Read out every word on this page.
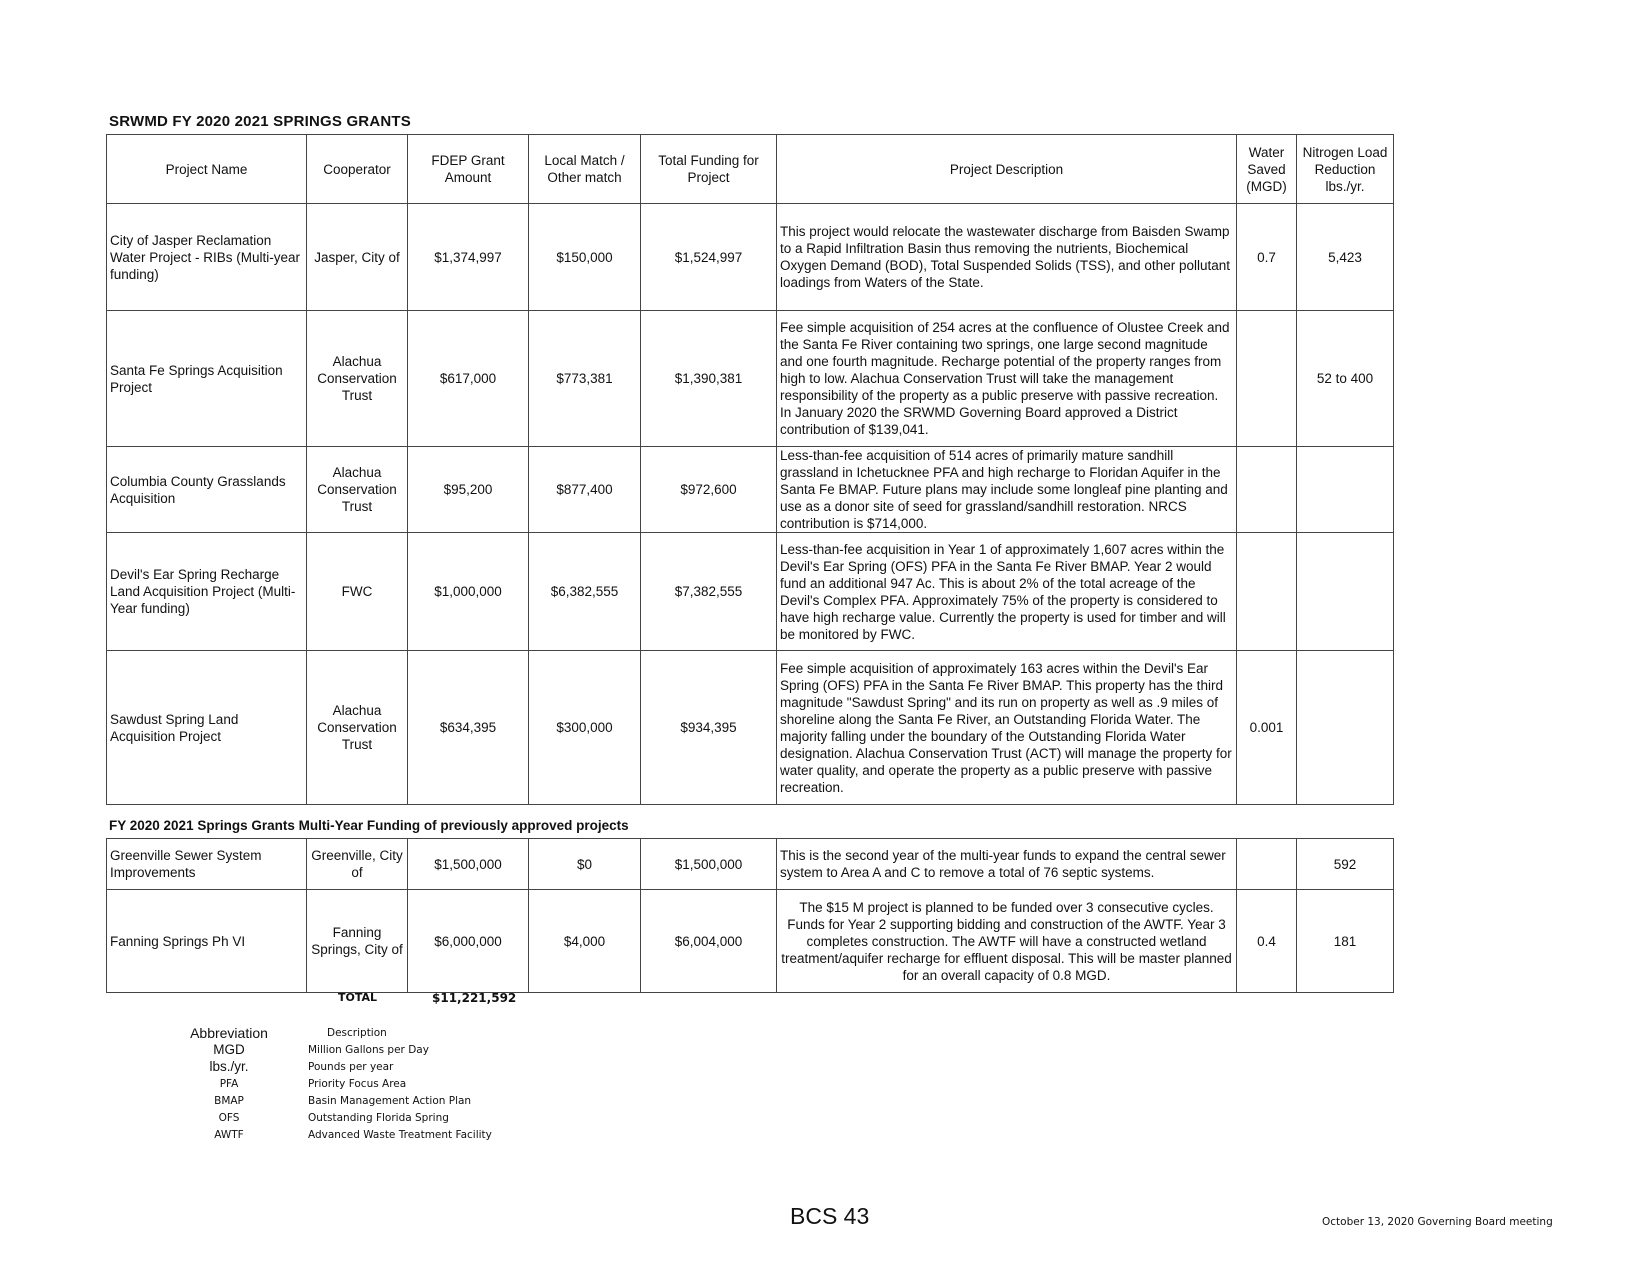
SRWMD FY 2020 2021 SPRINGS GRANTS
Project Name	Cooperator	FDEP Grant Amount	Local Match / Other match	Total Funding for Project	Project Description	Water Saved (MGD)	Nitrogen Load Reduction lbs./yr.
City of Jasper Reclamation Water Project - RIBs (Multi-year funding)	Jasper, City of	$1,374,997	$150,000	$1,524,997	This project would relocate the wastewater discharge from Baisden Swamp to a Rapid Infiltration Basin thus removing the nutrients, Biochemical Oxygen Demand (BOD), Total Suspended Solids (TSS), and other pollutant loadings from Waters of the State.	0.7	5,423
Santa Fe Springs Acquisition Project	Alachua Conservation Trust	$617,000	$773,381	$1,390,381	Fee simple acquisition of 254 acres at the confluence of Olustee Creek and the Santa Fe River containing two springs, one large second magnitude and one fourth magnitude. Recharge potential of the property ranges from high to low. Alachua Conservation Trust will take the management responsibility of the property as a public preserve with passive recreation. In January 2020 the SRWMD Governing Board approved a District contribution of $139,041.		52 to 400
Columbia County Grasslands Acquisition	Alachua Conservation Trust	$95,200	$877,400	$972,600	Less-than-fee acquisition of 514 acres of primarily mature sandhill grassland in Ichetucknee PFA and high recharge to Floridan Aquifer in the Santa Fe BMAP. Future plans may include some longleaf pine planting and use as a donor site of seed for grassland/sandhill restoration. NRCS contribution is $714,000.		
Devil's Ear Spring Recharge Land Acquisition Project (Multi-Year funding)	FWC	$1,000,000	$6,382,555	$7,382,555	Less-than-fee acquisition in Year 1 of approximately 1,607 acres within the Devil's Ear Spring (OFS) PFA in the Santa Fe River BMAP. Year 2 would fund an additional 947 Ac. This is about 2% of the total acreage of the Devil's Complex PFA. Approximately 75% of the property is considered to have high recharge value. Currently the property is used for timber and will be monitored by FWC.		
Sawdust Spring Land Acquisition Project	Alachua Conservation Trust	$634,395	$300,000	$934,395	Fee simple acquisition of approximately 163 acres within the Devil's Ear Spring (OFS) PFA in the Santa Fe River BMAP. This property has the third magnitude "Sawdust Spring" and its run on property as well as .9 miles of shoreline along the Santa Fe River, an Outstanding Florida Water. The majority falling under the boundary of the Outstanding Florida Water designation. Alachua Conservation Trust (ACT) will manage the property for water quality, and operate the property as a public preserve with passive recreation.	0.001	
FY 2020 2021 Springs Grants Multi-Year Funding of previously approved projects
Greenville Sewer System Improvements	Greenville, City of	$1,500,000	$0	$1,500,000	This is the second year of the multi-year funds to expand the central sewer system to Area A and C to remove a total of 76 septic systems.		592
Fanning Springs Ph VI	Fanning Springs, City of	$6,000,000	$4,000	$6,004,000	The $15 M project is planned to be funded over 3 consecutive cycles. Funds for Year 2 supporting bidding and construction of the AWTF. Year 3 completes construction. The AWTF will have a constructed wetland treatment/aquifer recharge for effluent disposal. This will be master planned for an overall capacity of 0.8 MGD.	0.4	181
TOTAL	$11,221,592
Abbreviation	Description
MGD	Million Gallons per Day
lbs./yr.	Pounds per year
PFA	Priority Focus Area
BMAP	Basin Management Action Plan
OFS	Outstanding Florida Spring
AWTF	Advanced Waste Treatment Facility
BCS 43	October 13, 2020 Governing Board meeting
